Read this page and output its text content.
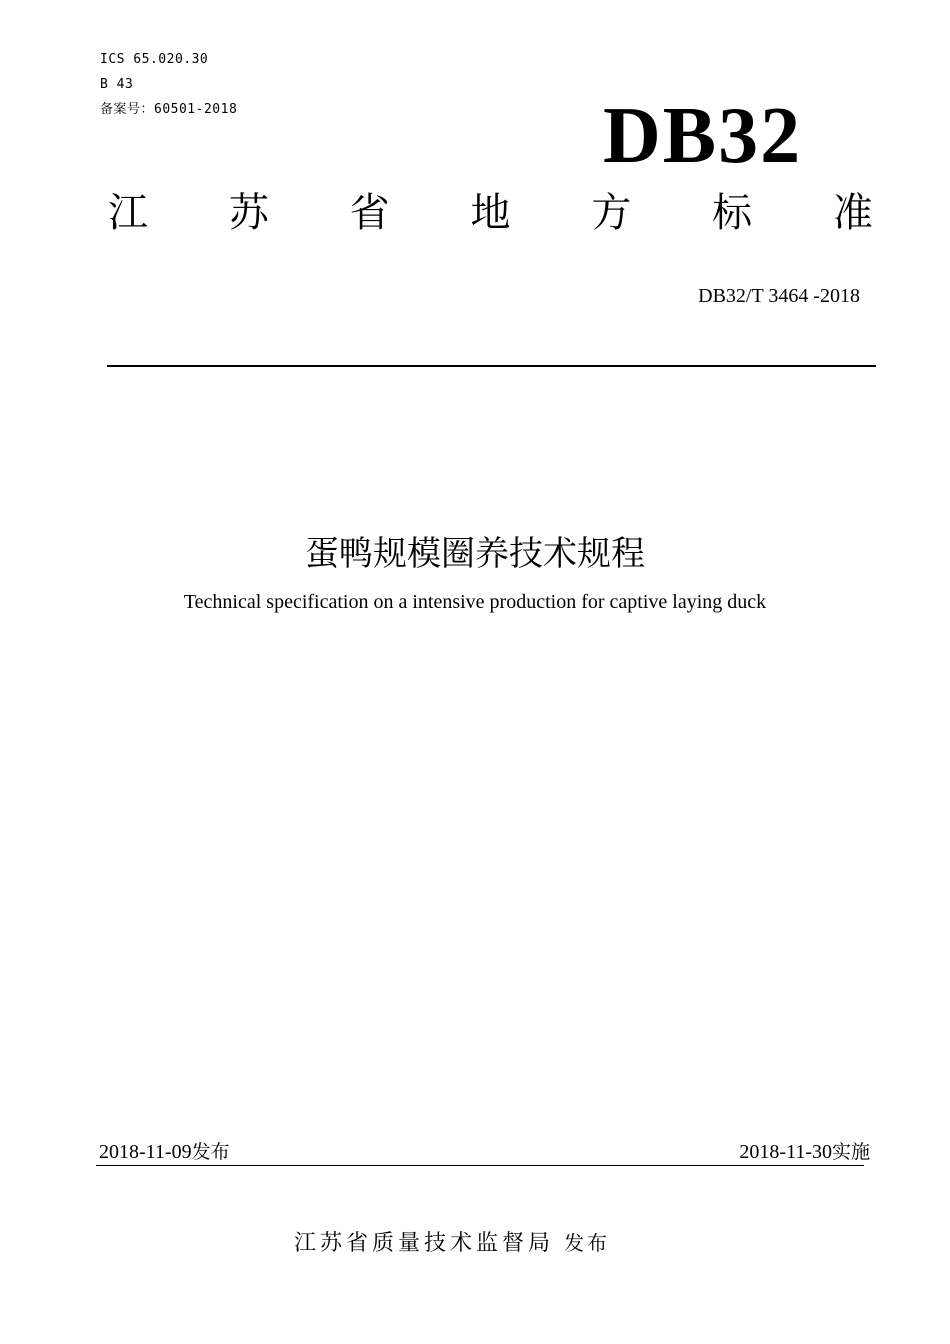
ICS 65.020.30
B 43
备案号：60501-2018	DB32
江 苏 省 地 方 标 准
DB32/T 3464 -2018
蛋鸭规模圈养技术规程
Technical specification on a intensive production for captive laying duck
2018-11-09发布	2018-11-30实施
江苏省质量技术监督局 发布
